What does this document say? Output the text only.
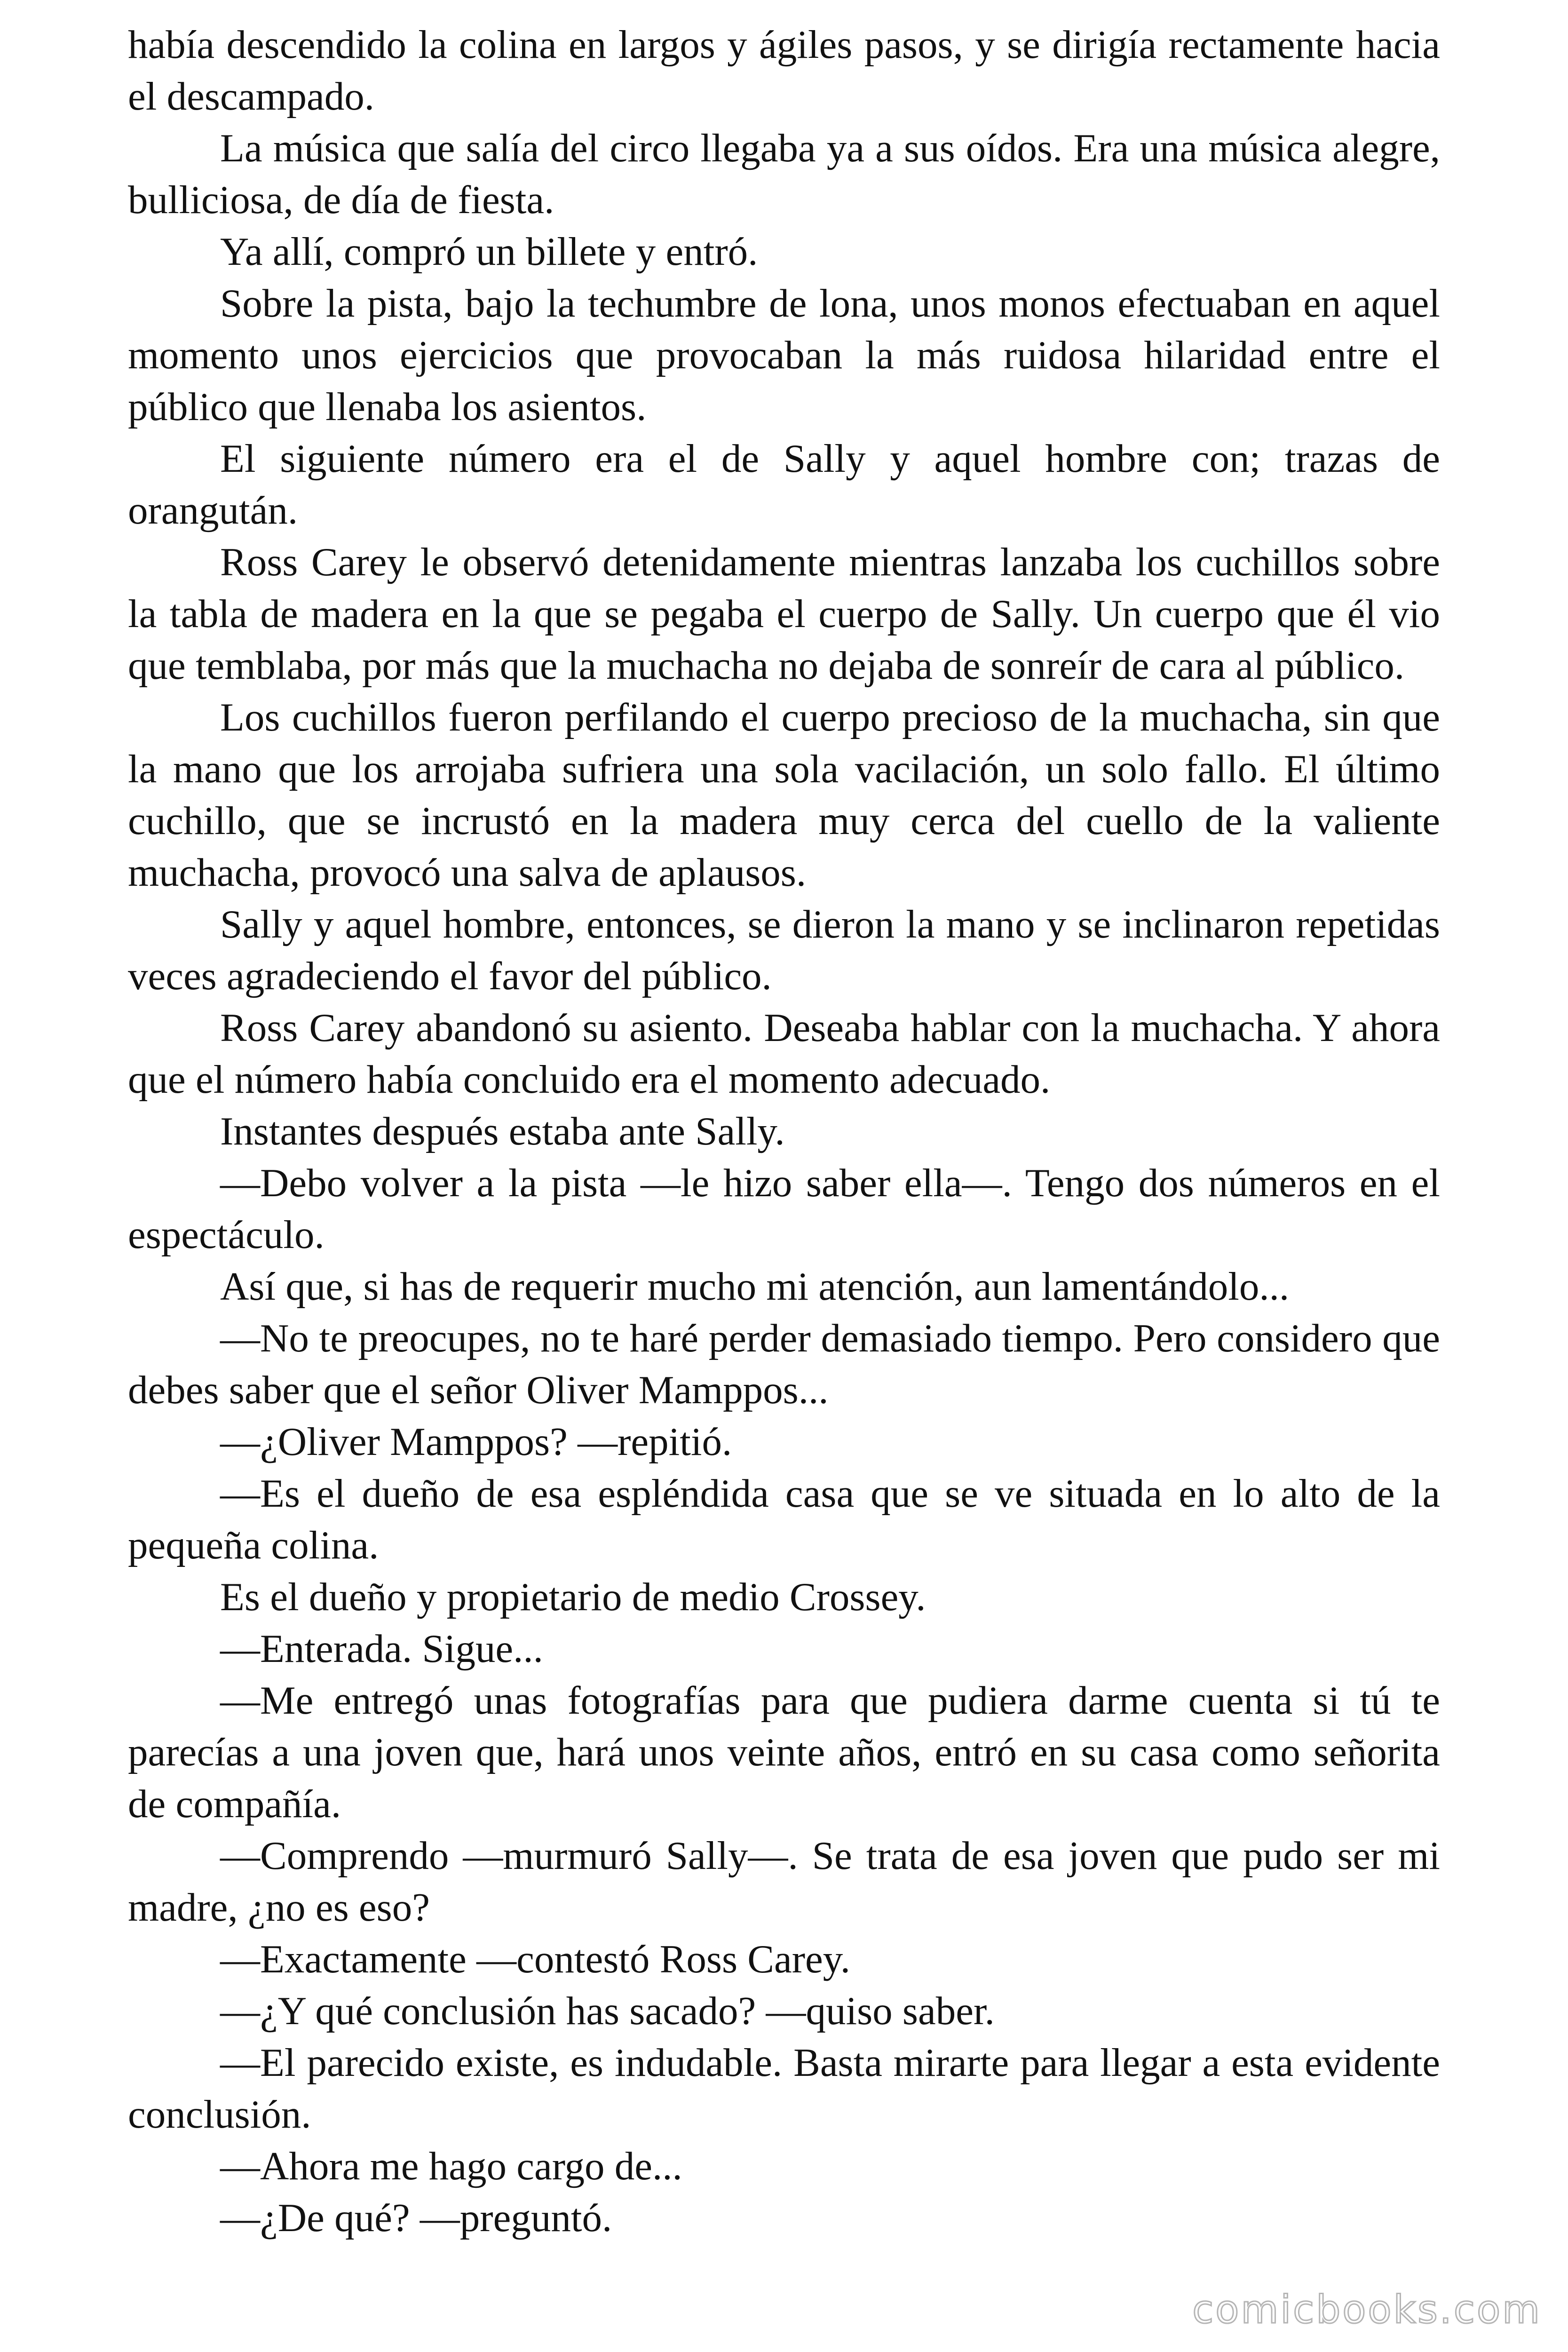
había descendido la colina en largos y ágiles pasos, y se dirigía rectamente hacia el descampado.

La música que salía del circo llegaba ya a sus oídos. Era una música alegre, bulliciosa, de día de fiesta.

Ya allí, compró un billete y entró.

Sobre la pista, bajo la techumbre de lona, unos monos efectuaban en aquel momento unos ejercicios que provocaban la más ruidosa hilaridad entre el público que llenaba los asientos.

El siguiente número era el de Sally y aquel hombre con; trazas de orangután.

Ross Carey le observó detenidamente mientras lanzaba los cuchillos sobre la tabla de madera en la que se pegaba el cuerpo de Sally. Un cuerpo que él vio que temblaba, por más que la muchacha no dejaba de sonreír de cara al público.

Los cuchillos fueron perfilando el cuerpo precioso de la muchacha, sin que la mano que los arrojaba sufriera una sola vacilación, un solo fallo. El último cuchillo, que se incrustó en la madera muy cerca del cuello de la valiente muchacha, provocó una salva de aplausos.

Sally y aquel hombre, entonces, se dieron la mano y se inclinaron repetidas veces agradeciendo el favor del público.

Ross Carey abandonó su asiento. Deseaba hablar con la muchacha. Y ahora que el número había concluido era el momento adecuado.

Instantes después estaba ante Sally.

—Debo volver a la pista —le hizo saber ella—. Tengo dos números en el espectáculo.

Así que, si has de requerir mucho mi atención, aun lamentándolo...

—No te preocupes, no te haré perder demasiado tiempo. Pero considero que debes saber que el señor Oliver Mamppos...

—¿Oliver Mamppos? —repitió.

—Es el dueño de esa espléndida casa que se ve situada en lo alto de la pequeña colina.

Es el dueño y propietario de medio Crossey.

—Enterada. Sigue...

—Me entregó unas fotografías para que pudiera darme cuenta si tú te parecías a una joven que, hará unos veinte años, entró en su casa como señorita de compañía.

—Comprendo —murmuró Sally—. Se trata de esa joven que pudo ser mi madre, ¿no es eso?

—Exactamente —contestó Ross Carey.

—¿Y qué conclusión has sacado? —quiso saber.

—El parecido existe, es indudable. Basta mirarte para llegar a esta evidente conclusión.

—Ahora me hago cargo de...

—¿De qué? —preguntó.

comicbooks.com
